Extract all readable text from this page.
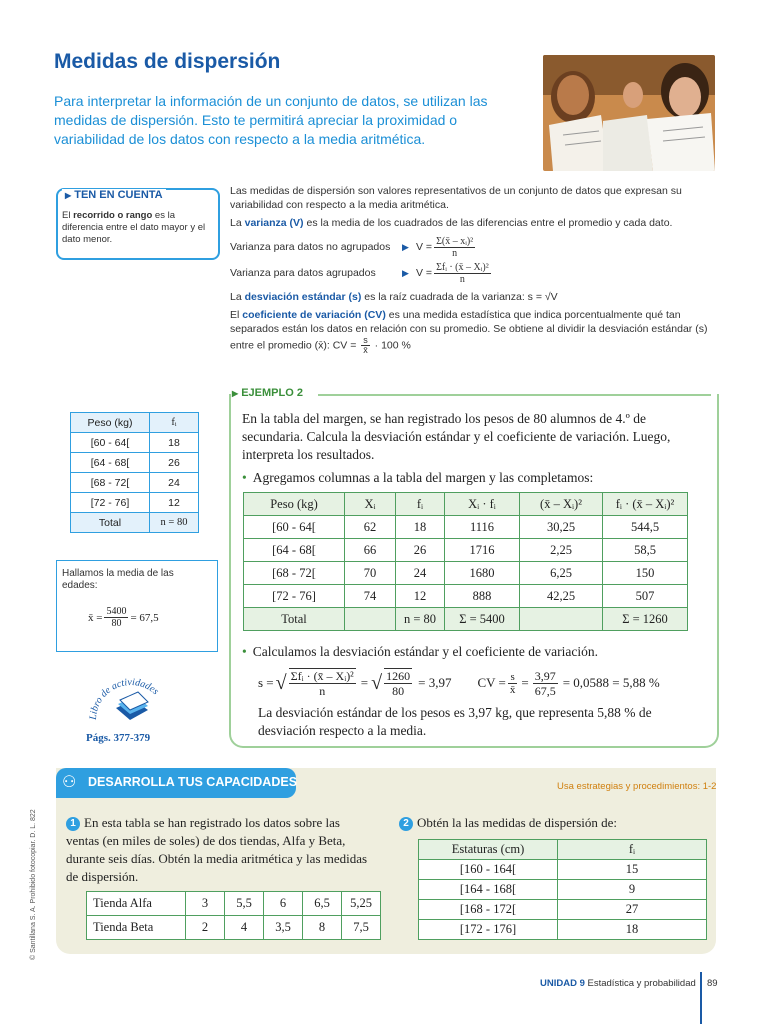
Medidas de dispersión
Para interpretar la información de un conjunto de datos, se utilizan las medidas de dispersión. Esto te permitirá apreciar la proximidad o variabilidad de los datos con respecto a la media aritmética.
▶ TEN EN CUENTA
El recorrido o rango es la diferencia entre el dato mayor y el dato menor.

Las medidas de dispersión son valores representativos de un conjunto de datos que expresan su variabilidad con respecto a la media aritmética.

La varianza (V) es la media de los cuadrados de las diferencias entre el promedio y cada dato.

Varianza para datos no agrupados	▶ $V = \frac{\text{Σ(x̄ – xᵢ)²}}{n}$
Varianza para datos agrupados	▶ $V = \frac{\text{Σfᵢ · (x̄ – Xᵢ)²}}{n}$

La desviación estándar (s) es la raíz cuadrada de la varianza: s = √V

El coeficiente de variación (CV) es una medida estadística que indica porcentualmente qué tan separados están los datos en relación con su promedio. Se obtiene al dividir la desviación estándar (s) entre el promedio (x̄): CV = $\frac{s}{x̄} \cdot 100$ %

▶ EJEMPLO 2
En la tabla del margen, se han registrado los pesos de 80 alumnos de 4.º de secundaria. Calcula la desviación estándar y el coeficiente de variación. Luego, interpreta los resultados.
• Agregamos columnas a la tabla del margen y las completamos:
Peso (kg)	Xᵢ	fᵢ	Xᵢ · fᵢ	(x̄ – Xᵢ)²	fᵢ · (x̄ – Xᵢ)²
[60 - 64[	62	18	1116	30,25	544,5
[64 - 68[	66	26	1716	2,25	58,5
[68 - 72[	70	24	1680	6,25	150
[72 - 76]	74	12	888	42,25	507
Total		n = 80	Σ = 5400		Σ = 1260
• Calculamos la desviación estándar y el coeficiente de variación.
s = √ $\frac{\text{Σfᵢ · (x̄ – Xᵢ)²}}{n}$ = √ $\frac{1260}{80} = 3,97$ CV = $\frac{s}{x̄} = \frac{3,97}{67,5} = 0,0588 = 5,88$ %
La desviación estándar de los pesos es 3,97 kg, que representa 5,88 % de desviación respecto a la media.
Peso (kg)	fᵢ
[60 - 64[	18
[64 - 68[	26
[68 - 72[	24
[72 - 76]	12
Total	n = 80
Hallamos la media de las edades:
x̄ = $\frac{5400}{80} = 67,5$
Libro de actividades
Págs. 377-379
⚇ DESARROLLA TUS CAPACIDADES	Usa estrategias y procedimientos: 1-2
1 En esta tabla se han registrado los datos sobre las ventas (en miles de soles) de dos tiendas, Alfa y Beta, durante seis días. Obtén la media aritmética y las medidas de dispersión.
Tienda Alfa	3	5,5	6	6,5	5,25
Tienda Beta	2	4	3,5	8	7,5
2 Obtén la las medidas de dispersión de:
Estaturas (cm)	fᵢ
[160 - 164[	15
[164 - 168[	9
[168 - 172[	27
[172 - 176]	18
© Santillana S. A. Prohibido fotocopiar. D. L. 822
UNIDAD 9 Estadística y probabilidad 89
